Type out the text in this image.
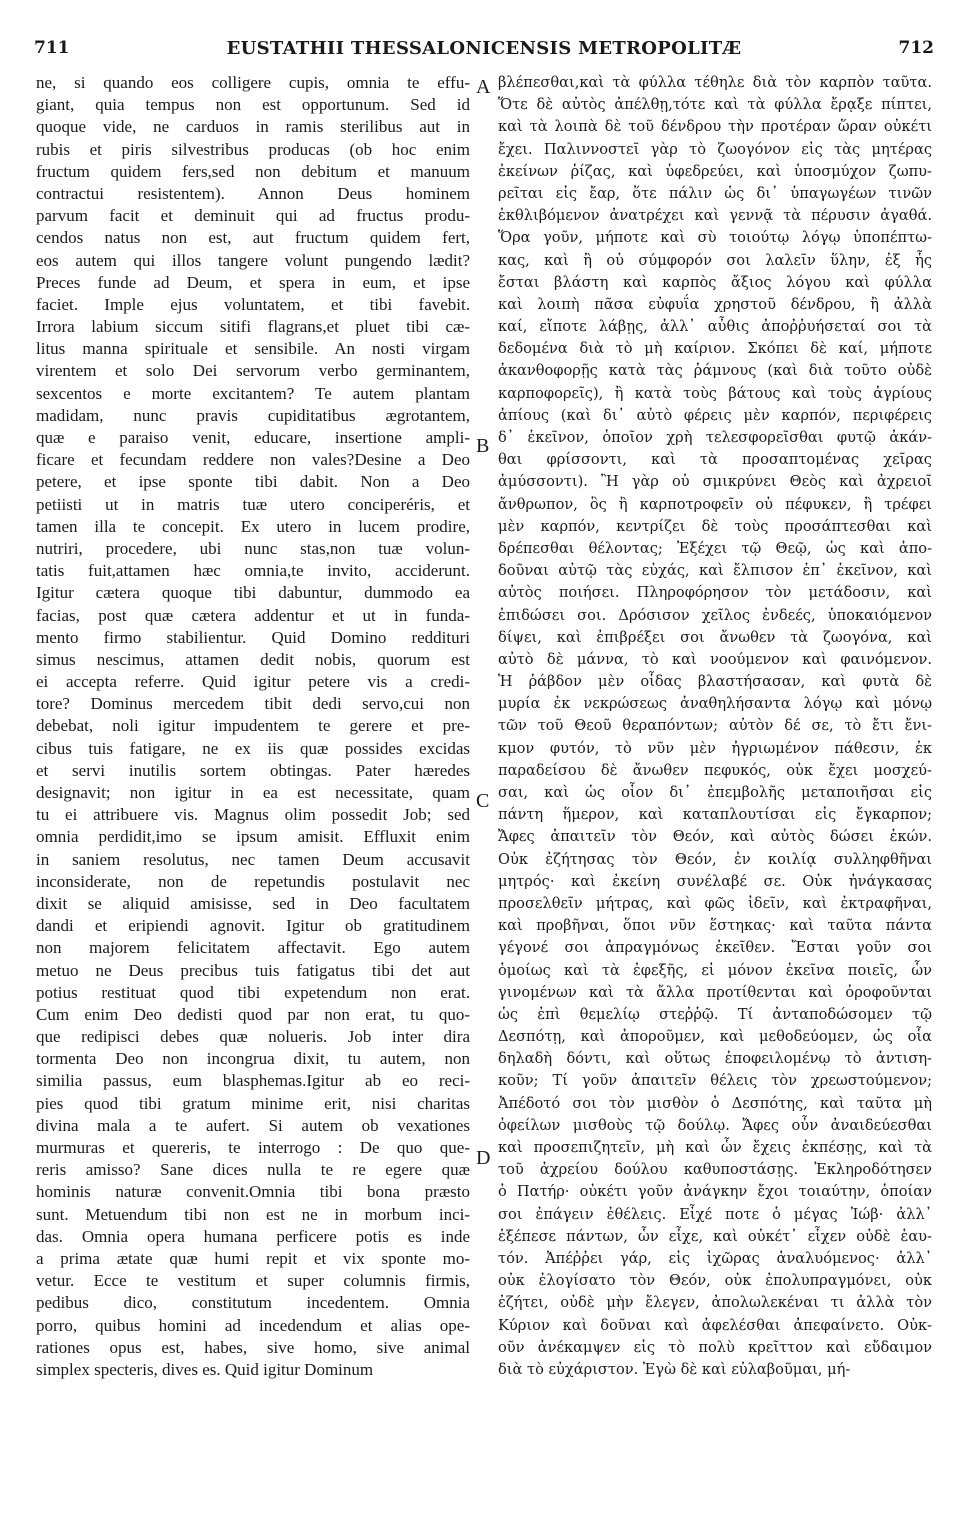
711	EUSTATHII THESSALONICENSIS METROPOLITÆ	712
ne, si quando eos colligere cupis, omnia te effu-
giant, quia tempus non est opportunum. Sed id
quoque vide, ne carduos in ramis sterilibus aut in
rubis et piris silvestribus producas (ob hoc enim
fructum quidem fers,sed non debitum et manuum
contractui resistentem). Annon Deus hominem
parvum facit et deminuit qui ad fructus produ-
cendos natus non est, aut fructum quidem fert,
eos autem qui illos tangere volunt pungendo lædit?
Preces funde ad Deum, et spera in eum, et ipse
faciet. Imple ejus voluntatem, et tibi favebit.
Irrora labium siccum sitifi flagrans,et pluet tibi cæ-
litus manna spirituale et sensibile. An nosti virgam
virentem et solo Dei servorum verbo germinantem,
sexcentos e morte excitantem? Te autem plantam
madidam, nunc pravis cupiditatibus ægrotantem,
quæ e paraiso venit, educare, insertione ampli-
ficare et fecundam reddere non vales?Desine a Deo
petere, et ipse sponte tibi dabit. Non a Deo
petiisti ut in matris tuæ utero conciperéris, et
tamen illa te concepit. Ex utero in lucem prodire,
nutriri, procedere, ubi nunc stas,non tuæ volun-
tatis fuit,attamen hæc omnia,te invito, acciderunt.
Igitur cætera quoque tibi dabuntur, dummodo ea
facias, post quæ cætera addentur et ut in funda-
mento firmo stabilientur. Quid Domino reddituri
simus nescimus, attamen dedit nobis, quorum est
ei accepta referre. Quid igitur petere vis a credi-
tore? Dominus mercedem tibit dedi servo,cui non
debebat, noli igitur impudentem te gerere et pre-
cibus tuis fatigare, ne ex iis quæ possides excidas
et servi inutilis sortem obtingas. Pater hæredes
designavit; non igitur in ea est necessitate, quam
tu ei attribuere vis. Magnus olim possedit Job; sed
omnia perdidit,imo se ipsum amisit. Effluxit enim
in saniem resolutus, nec tamen Deum accusavit
inconsiderate, non de repetundis postulavit nec
dixit se aliquid amisisse, sed in Deo facultatem
dandi et eripiendi agnovit. Igitur ob gratitudinem
non majorem felicitatem affectavit. Ego autem
metuo ne Deus precibus tuis fatigatus tibi det aut
potius restituat quod tibi expetendum non erat.
Cum enim Deo dedisti quod par non erat, tu quo-
que redipisci debes quæ nolueris. Job inter dira
tormenta Deo non incongrua dixit, tu autem, non
similia passus, eum blasphemas.Igitur ab eo reci-
pies quod tibi gratum minime erit, nisi charitas
divina mala a te aufert. Si autem ob vexationes
murmuras et quereris, te interrogo : De quo que-
reris amisso? Sane dices nulla te re egere quæ
hominis naturæ convenit.Omnia tibi bona præsto
sunt. Metuendum tibi non est ne in morbum inci-
das. Omnia opera humana perficere potis es inde
a prima ætate quæ humi repit et vix sponte mo-
vetur. Ecce te vestitum et super columnis firmis,
pedibus dico, constitutum incedentem. Omnia
porro, quibus homini ad incedendum et alias ope-
rationes opus est, habes, sive homo, sive animal
simplex specteris, dives es. Quid igitur Dominum
A
B
C
D
βλέπεσθαι,καὶ τὰ φύλλα τέθηλε διὰ τὸν καρπὸν ταῦτα.
Ὅτε δὲ αὐτὸς ἀπέλθῃ,τότε καὶ τὰ φύλλα ἔρᾳξε πίπτει,
καὶ τὰ λοιπὰ δὲ τοῦ δένδρου τὴν προτέραν ὥραν οὐκέτι
ἔχει. Παλιννοστεῖ γὰρ τὸ ζωογόνον εἰς τὰς μητέρας
ἐκείνων ῥίζας, καὶ ὑφεδρεύει, καὶ ὑποσμύχον ζωπυ-
ρεῖται εἰς ἔαρ, ὅτε πάλιν ὡς δι᾽ ὑπαγωγέων τινῶν
ἐκθλιβόμενον ἀνατρέχει καὶ γεννᾷ τὰ πέρυσιν ἀγαθά.
Ὅρα γοῦν, μήποτε καὶ σὺ τοιούτῳ λόγῳ ὑποπέπτω-
κας, καὶ ἢ οὐ σύμφορόν σοι λαλεῖν ὕλην, ἐξ ἧς
ἔσται βλάστη καὶ καρπὸς ἄξιος λόγου καὶ φύλλα
καὶ λοιπὴ πᾶσα εὐφυΐα χρηστοῦ δένδρου, ἢ ἀλλὰ
καί, εἴποτε λάβῃς, ἀλλ᾽ αὖθις ἀποῤῥυήσεταί σοι τὰ
δεδομένα διὰ τὸ μὴ καίριον. Σκόπει δὲ καί, μήποτε
ἀκανθοφορῇς κατὰ τὰς ῥάμνους (καὶ διὰ τοῦτο οὐδὲ
καρποφορεῖς), ἢ κατὰ τοὺς βάτους καὶ τοὺς ἀγρίους
ἀπίους (καὶ δι᾽ αὐτὸ φέρεις μὲν καρπόν, περιφέρεις
δ᾽ ἐκεῖνον, ὁποῖον χρὴ τελεσφορεῖσθαι φυτῷ ἀκάν-
θαι φρίσσοντι, καὶ τὰ προσαπτομένας χεῖρας
ἀμύσσοντι). Ἢ γὰρ οὐ σμικρύνει Θεὸς καὶ ἀχρειοῖ
ἄνθρωπον, ὃς ἢ καρποτροφεῖν οὐ πέφυκεν, ἢ τρέφει
μὲν καρπόν, κεντρίζει δὲ τοὺς προσάπτεσθαι καὶ
δρέπεσθαι θέλοντας; Ἐξέχει τῷ Θεῷ, ὡς καὶ ἀπο-
δοῦναι αὐτῷ τὰς εὐχάς, καὶ ἔλπισον ἐπ᾽ ἐκεῖνον, καὶ
αὐτὸς ποιήσει. Πληροφόρησον τὸν μετάδοσιν, καὶ
ἐπιδώσει σοι. Δρόσισον χεῖλος ἐνδεές, ὑποκαιόμενον
δίψει, καὶ ἐπιβρέξει σοι ἄνωθεν τὰ ζωογόνα, καὶ
αὐτὸ δὲ μάννα, τὸ καὶ νοούμενον καὶ φαινόμενον.
Ἡ ῥάβδον μὲν οἶδας βλαστήσασαν, καὶ φυτὰ δὲ
μυρία ἐκ νεκρώσεως ἀναθηλήσαντα λόγῳ καὶ μόνῳ
τῶν τοῦ Θεοῦ θεραπόντων; αὐτὸν δέ σε, τὸ ἔτι ἔνι-
κμον φυτόν, τὸ νῦν μὲν ἠγριωμένον πάθεσιν, ἐκ
παραδείσου δὲ ἄνωθεν πεφυκός, οὐκ ἔχει μοσχεύ-
σαι, καὶ ὡς οἷον δι᾽ ἐπεμβολῆς μεταποιῆσαι εἰς
πάντη ἥμερον, καὶ καταπλουτίσαι εἰς ἔγκαρπον;
Ἄφες ἀπαιτεῖν τὸν Θεόν, καὶ αὐτὸς δώσει ἑκών.
Οὐκ ἐζήτησας τὸν Θεόν, ἐν κοιλίᾳ συλληφθῆναι
μητρός· καὶ ἐκείνη συνέλαβέ σε. Οὐκ ἠνάγκασας
προσελθεῖν μήτρας, καὶ φῶς ἰδεῖν, καὶ ἐκτραφῆναι,
καὶ προβῆναι, ὅποι νῦν ἕστηκας· καὶ ταῦτα πάντα
γέγονέ σοι ἀπραγμόνως ἐκεῖθεν. Ἔσται γοῦν σοι
ὁμοίως καὶ τὰ ἐφεξῆς, εἰ μόνον ἐκεῖνα ποιεῖς, ὧν
γινομένων καὶ τὰ ἄλλα προτίθενται καὶ ὀροφοῦνται
ὡς ἐπὶ θεμελίῳ στεῤῥῷ. Τί ἀνταποδώσομεν τῷ
Δεσπότῃ, καὶ ἀποροῦμεν, καὶ μεθοδεύομεν, ὡς οἷα
δηλαδὴ δόντι, καὶ οὕτως ἐποφειλομένῳ τὸ ἀντιση-
κοῦν; Τί γοῦν ἀπαιτεῖν θέλεις τὸν χρεωστούμενον;
Ἀπέδοτό σοι τὸν μισθὸν ὁ Δεσπότης, καὶ ταῦτα μὴ
ὀφείλων μισθοὺς τῷ δούλῳ. Ἄφες οὖν ἀναιδεύεσθαι
καὶ προσεπιζητεῖν, μὴ καὶ ὧν ἔχεις ἐκπέσῃς, καὶ τὰ
τοῦ ἀχρείου δούλου καθυποστάσῃς. Ἐκληροδότησεν
ὁ Πατήρ· οὐκέτι γοῦν ἀνάγκην ἔχοι τοιαύτην, ὁποίαν
σοι ἐπάγειν ἐθέλεις. Εἶχέ ποτε ὁ μέγας Ἰώβ· ἀλλ᾽
ἐξέπεσε πάντων, ὧν εἶχε, καὶ οὐκέτ᾽ εἶχεν οὐδὲ ἑαυ-
τόν. Ἀπέῤῥει γάρ, εἰς ἰχῶρας ἀναλυόμενος· ἀλλ᾽
οὐκ ἐλογίσατο τὸν Θεόν, οὐκ ἐπολυπραγμόνει, οὐκ
ἐζήτει, οὐδὲ μὴν ἔλεγεν, ἀπολωλεκέναι τι ἀλλὰ τὸν
Κύριον καὶ δοῦναι καὶ ἀφελέσθαι ἀπεφαίνετο. Οὐκ-
οῦν ἀνέκαμψεν εἰς τὸ πολὺ κρεῖττον καὶ εὔδαιμον
διὰ τὸ εὐχάριστον. Ἐγὼ δὲ καὶ εὐλαβοῦμαι, μή-
